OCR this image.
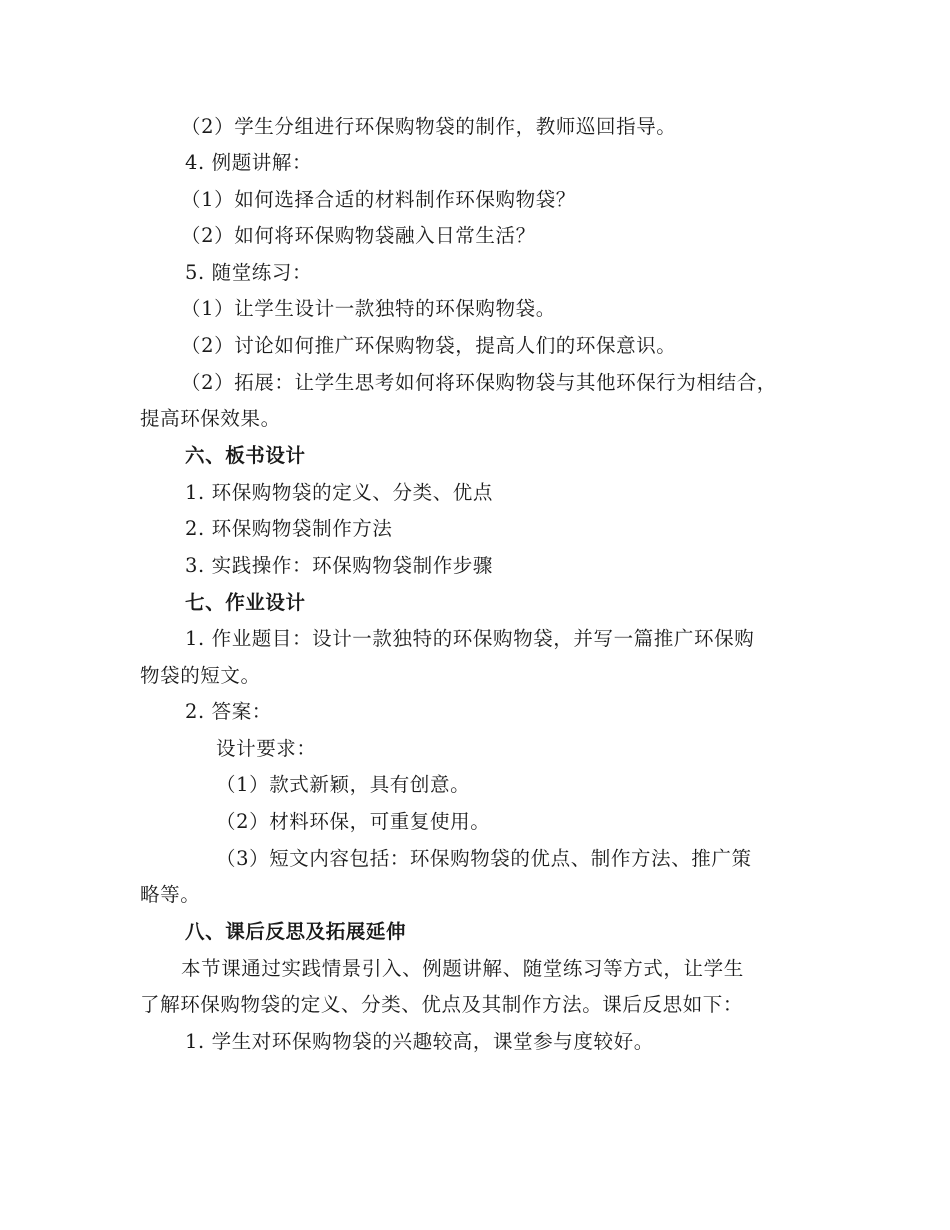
（2）学生分组进行环保购物袋的制作，教师巡回指导。
4. 例题讲解：
（1）如何选择合适的材料制作环保购物袋？
（2）如何将环保购物袋融入日常生活？
5. 随堂练习：
（1）让学生设计一款独特的环保购物袋。
（2）讨论如何推广环保购物袋，提高人们的环保意识。
（2）拓展：让学生思考如何将环保购物袋与其他环保行为相结合，
提高环保效果。
六、板书设计
1. 环保购物袋的定义、分类、优点
2. 环保购物袋制作方法
3. 实践操作：环保购物袋制作步骤
七、作业设计
1. 作业题目：设计一款独特的环保购物袋，并写一篇推广环保购
物袋的短文。
2. 答案：
设计要求：
（1）款式新颖，具有创意。
（2）材料环保，可重复使用。
（3）短文内容包括：环保购物袋的优点、制作方法、推广策
略等。
八、课后反思及拓展延伸
本节课通过实践情景引入、例题讲解、随堂练习等方式，让学生
了解环保购物袋的定义、分类、优点及其制作方法。课后反思如下：
1. 学生对环保购物袋的兴趣较高，课堂参与度较好。
